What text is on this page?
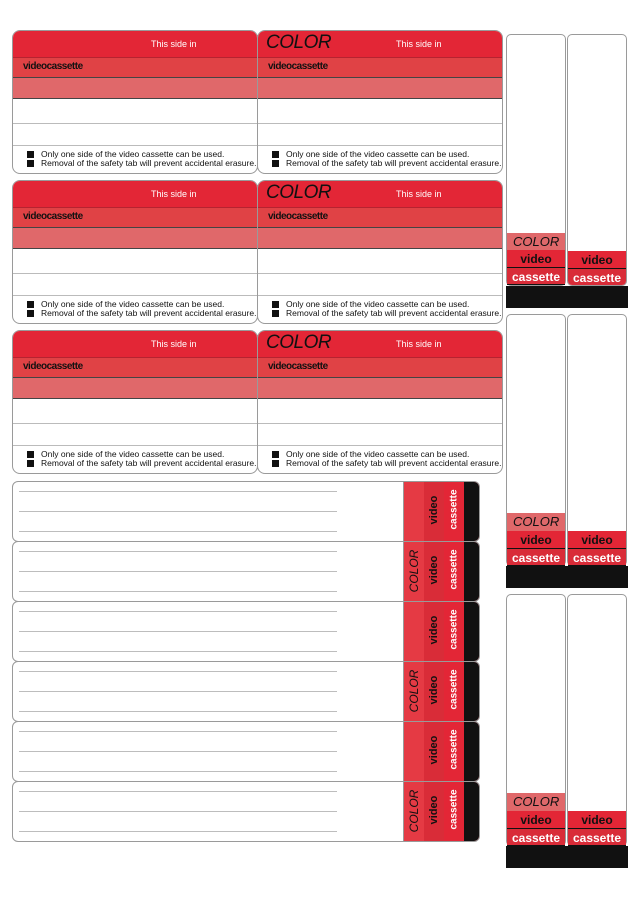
This side in
videocassette
Only one side of the video cassette can be used.
Removal of the safety tab will prevent accidental erasure.
COLOR	This side in
videocassette
Only one side of the video cassette can be used.
Removal of the safety tab will prevent accidental erasure.
This side in
videocassette
Only one side of the video cassette can be used.
Removal of the safety tab will prevent accidental erasure.
COLOR	This side in
videocassette
Only one side of the video cassette can be used.
Removal of the safety tab will prevent accidental erasure.
This side in
videocassette
Only one side of the video cassette can be used.
Removal of the safety tab will prevent accidental erasure.
COLOR	This side in
videocassette
Only one side of the video cassette can be used.
Removal of the safety tab will prevent accidental erasure.
video cassette
COLOR video cassette
video cassette
COLOR video cassette
video cassette
COLOR video cassette
COLOR
video
cassette
video
cassette
COLOR
video
cassette
video
cassette
COLOR
video
cassette
video
cassette
